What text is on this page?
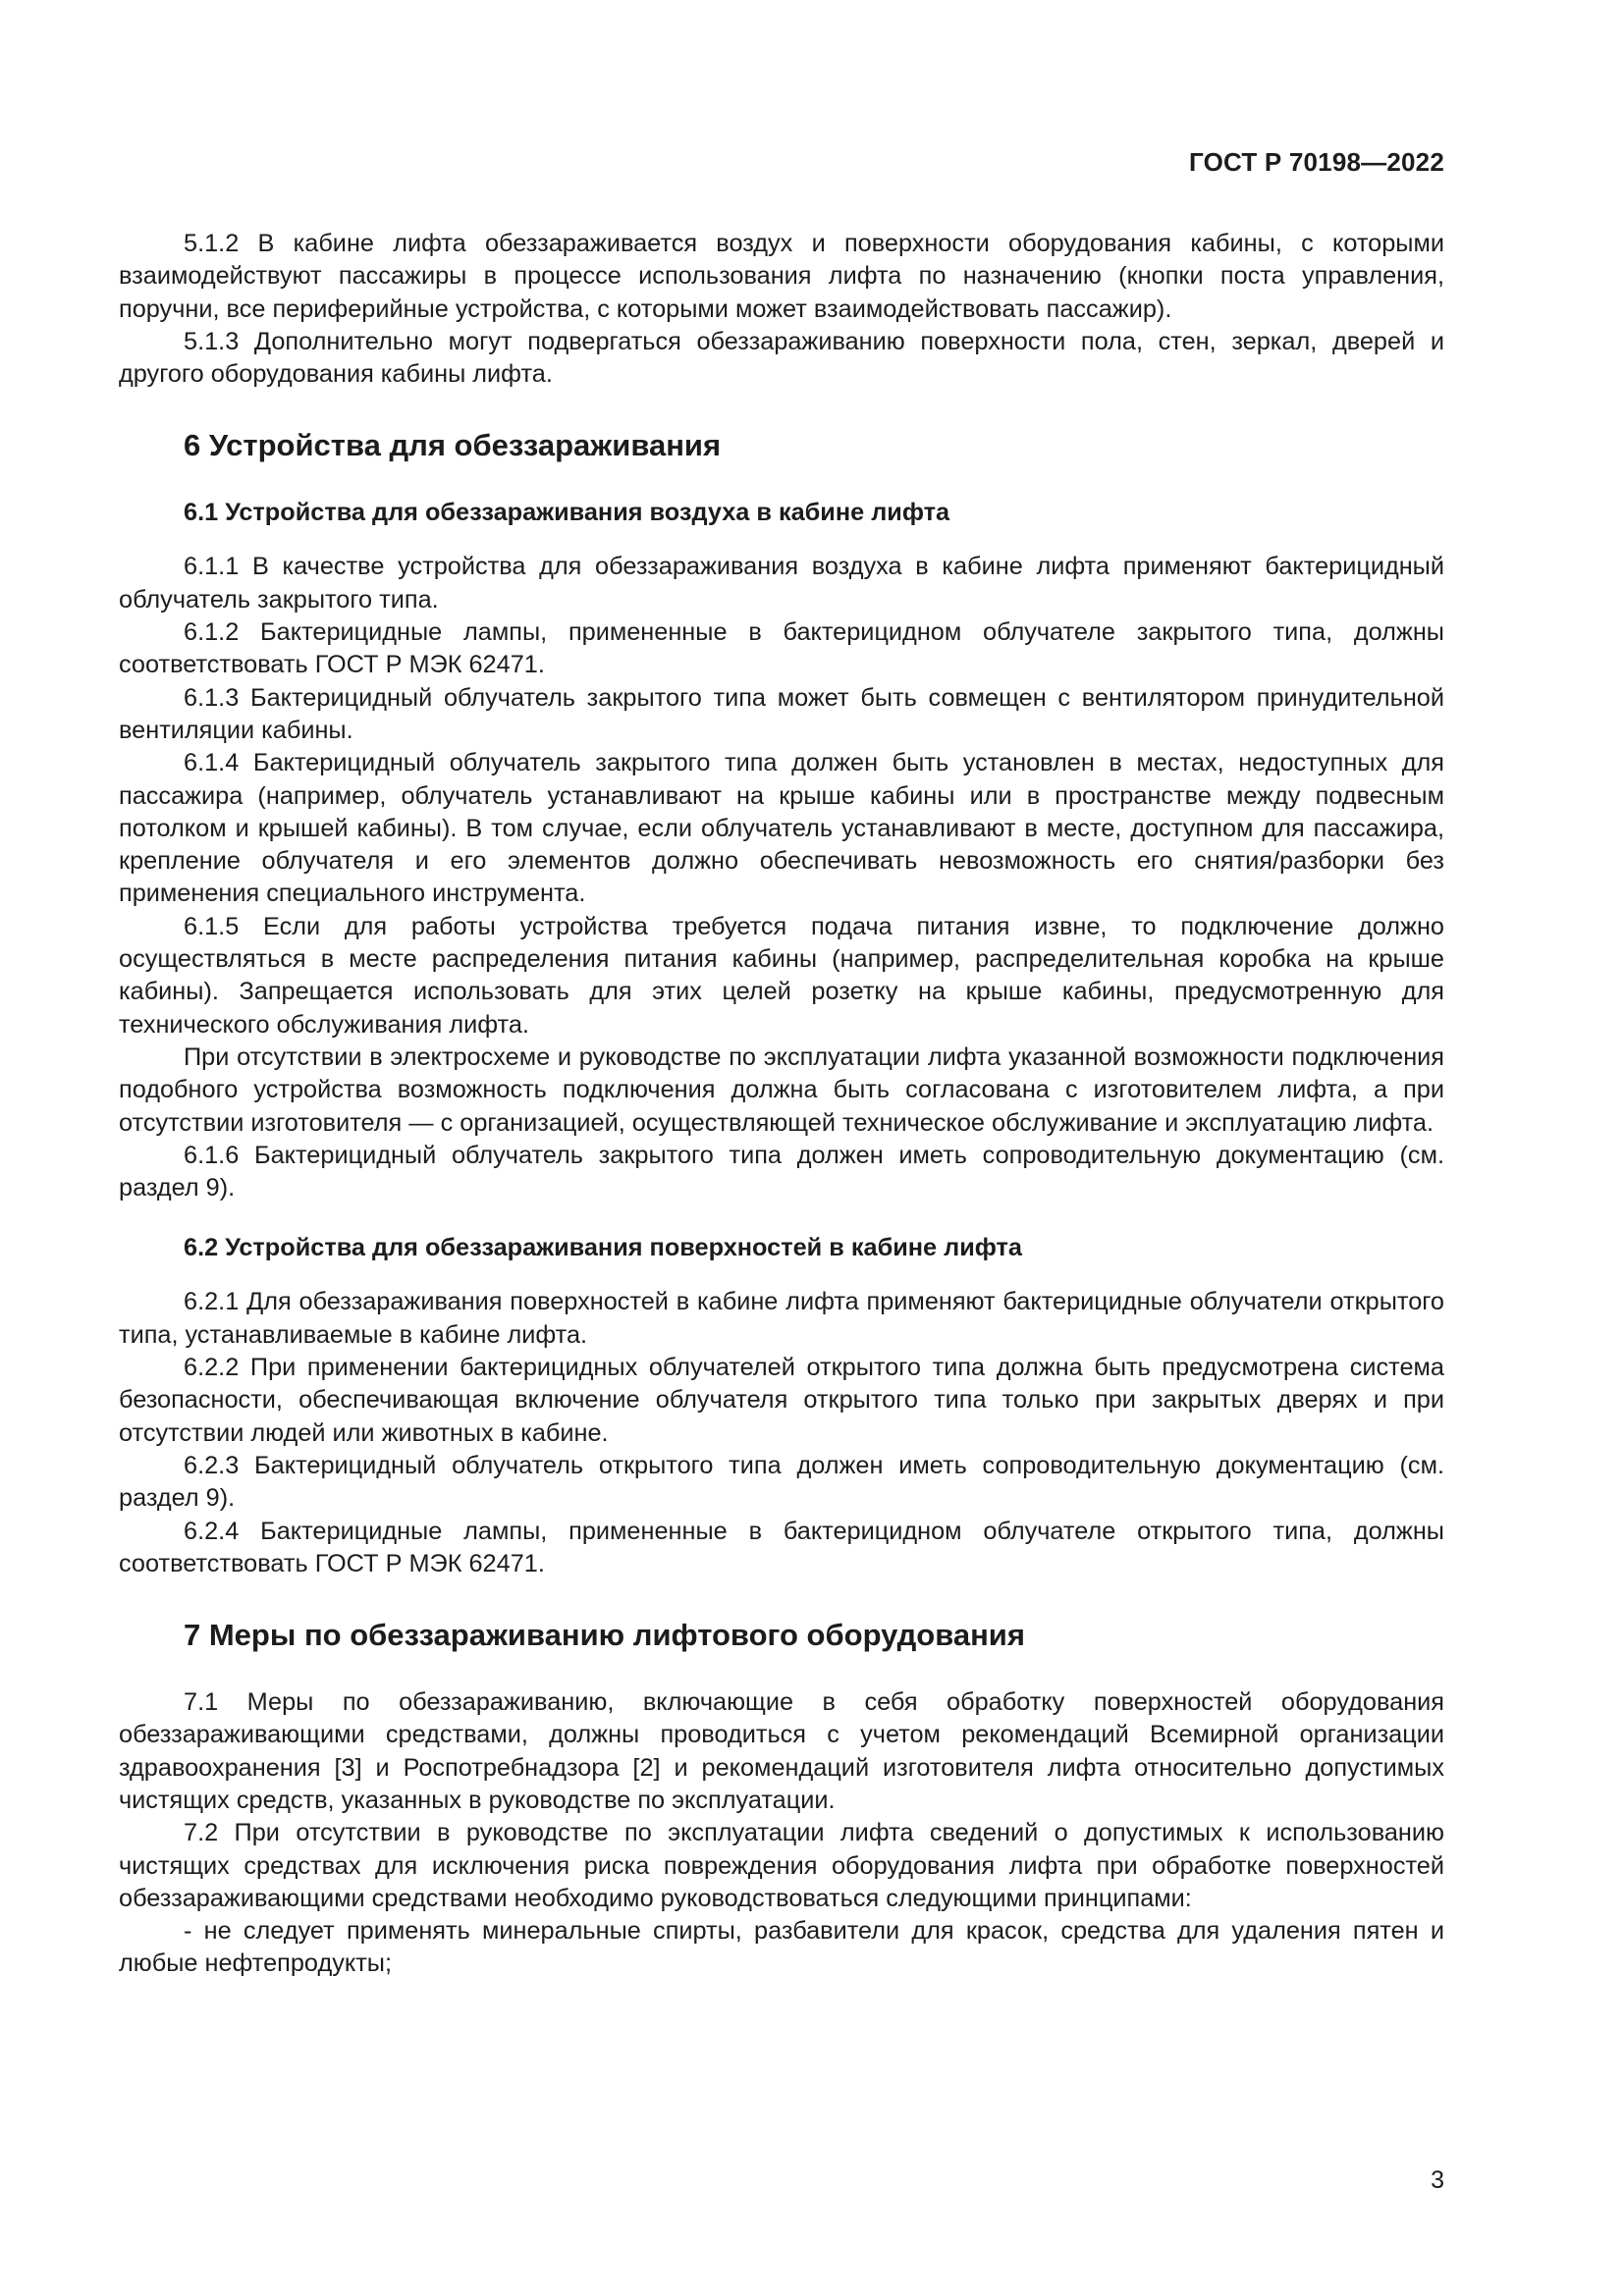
ГОСТ Р 70198—2022

5.1.2 В кабине лифта обеззараживается воздух и поверхности оборудования кабины, с которыми взаимодействуют пассажиры в процессе использования лифта по назначению (кнопки поста управления, поручни, все периферийные устройства, с которыми может взаимодействовать пассажир).

5.1.3 Дополнительно могут подвергаться обеззараживанию поверхности пола, стен, зеркал, дверей и другого оборудования кабины лифта.

6 Устройства для обеззараживания
6.1 Устройства для обеззараживания воздуха в кабине лифта

6.1.1 В качестве устройства для обеззараживания воздуха в кабине лифта применяют бактерицидный облучатель закрытого типа.

6.1.2 Бактерицидные лампы, примененные в бактерицидном облучателе закрытого типа, должны соответствовать ГОСТ Р МЭК 62471.

6.1.3 Бактерицидный облучатель закрытого типа может быть совмещен с вентилятором принудительной вентиляции кабины.

6.1.4 Бактерицидный облучатель закрытого типа должен быть установлен в местах, недоступных для пассажира (например, облучатель устанавливают на крыше кабины или в пространстве между подвесным потолком и крышей кабины). В том случае, если облучатель устанавливают в месте, доступном для пассажира, крепление облучателя и его элементов должно обеспечивать невозможность его снятия/разборки без применения специального инструмента.

6.1.5 Если для работы устройства требуется подача питания извне, то подключение должно осуществляться в месте распределения питания кабины (например, распределительная коробка на крыше кабины). Запрещается использовать для этих целей розетку на крыше кабины, предусмотренную для технического обслуживания лифта.

При отсутствии в электросхеме и руководстве по эксплуатации лифта указанной возможности подключения подобного устройства возможность подключения должна быть согласована с изготовителем лифта, а при отсутствии изготовителя — с организацией, осуществляющей техническое обслуживание и эксплуатацию лифта.

6.1.6 Бактерицидный облучатель закрытого типа должен иметь сопроводительную документацию (см. раздел 9).

6.2 Устройства для обеззараживания поверхностей в кабине лифта

6.2.1 Для обеззараживания поверхностей в кабине лифта применяют бактерицидные облучатели открытого типа, устанавливаемые в кабине лифта.

6.2.2 При применении бактерицидных облучателей открытого типа должна быть предусмотрена система безопасности, обеспечивающая включение облучателя открытого типа только при закрытых дверях и при отсутствии людей или животных в кабине.

6.2.3 Бактерицидный облучатель открытого типа должен иметь сопроводительную документацию (см. раздел 9).

6.2.4 Бактерицидные лампы, примененные в бактерицидном облучателе открытого типа, должны соответствовать ГОСТ Р МЭК 62471.

7 Меры по обеззараживанию лифтового оборудования

7.1 Меры по обеззараживанию, включающие в себя обработку поверхностей оборудования обеззараживающими средствами, должны проводиться с учетом рекомендаций Всемирной организации здравоохранения [3] и Роспотребнадзора [2] и рекомендаций изготовителя лифта относительно допустимых чистящих средств, указанных в руководстве по эксплуатации.

7.2 При отсутствии в руководстве по эксплуатации лифта сведений о допустимых к использованию чистящих средствах для исключения риска повреждения оборудования лифта при обработке поверхностей обеззараживающими средствами необходимо руководствоваться следующими принципами:

- не следует применять минеральные спирты, разбавители для красок, средства для удаления пятен и любые нефтепродукты;

3
